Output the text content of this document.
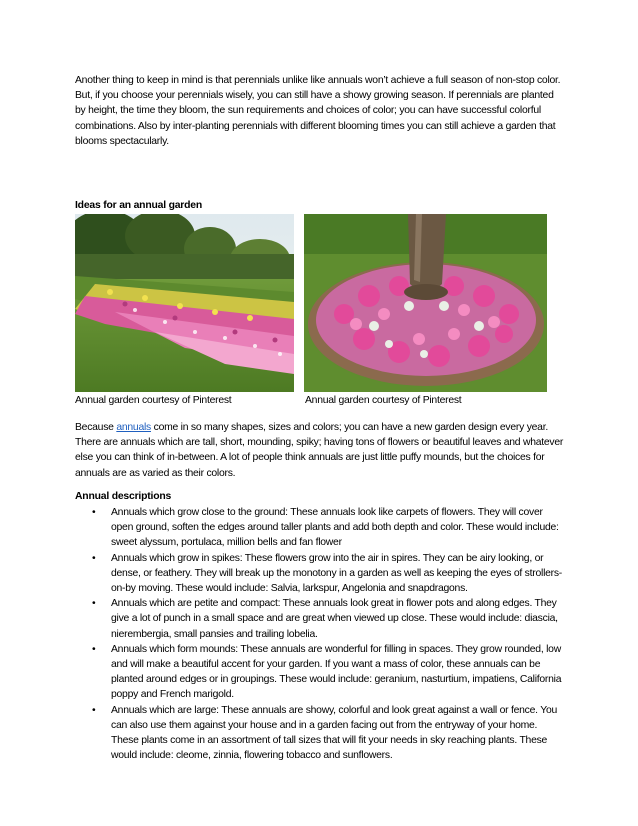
Another thing to keep in mind is that perennials unlike like annuals won’t achieve a full season of non-stop color. But, if you choose your perennials wisely, you can still have a showy growing season. If perennials are planted by height, the time they bloom, the sun requirements and choices of color; you can have successful colorful combinations. Also by inter-planting perennials with different blooming times you can still achieve a garden that blooms spectacularly.

Ideas for an annual garden
Annual garden courtesy of Pinterest	Annual garden courtesy of Pinterest

Because annuals come in so many shapes, sizes and colors; you can have a new garden design every year. There are annuals which are tall, short, mounding, spiky; having tons of flowers or beautiful leaves and whatever else you can think of in-between. A lot of people think annuals are just little puffy mounds, but the choices for annuals are as varied as their colors.

Annual descriptions
• Annuals which grow close to the ground: These annuals look like carpets of flowers. They will cover open ground, soften the edges around taller plants and add both depth and color. These would include: sweet alyssum, portulaca, million bells and fan flower
• Annuals which grow in spikes: These flowers grow into the air in spires. They can be airy looking, or dense, or feathery. They will break up the monotony in a garden as well as keeping the eyes of strollers-on-by moving. These would include: Salvia, larkspur, Angelonia and snapdragons.
• Annuals which are petite and compact: These annuals look great in flower pots and along edges. They give a lot of punch in a small space and are great when viewed up close. These would include: diascia, nierembergia, small pansies and trailing lobelia.
• Annuals which form mounds: These annuals are wonderful for filling in spaces. They grow rounded, low and will make a beautiful accent for your garden. If you want a mass of color, these annuals can be planted around edges or in groupings. These would include: geranium, nasturtium, impatiens, California poppy and French marigold.
• Annuals which are large: These annuals are showy, colorful and look great against a wall or fence. You can also use them against your house and in a garden facing out from the entryway of your home. These plants come in an assortment of tall sizes that will fit your needs in sky reaching plants. These would include: cleome, zinnia, flowering tobacco and sunflowers.
